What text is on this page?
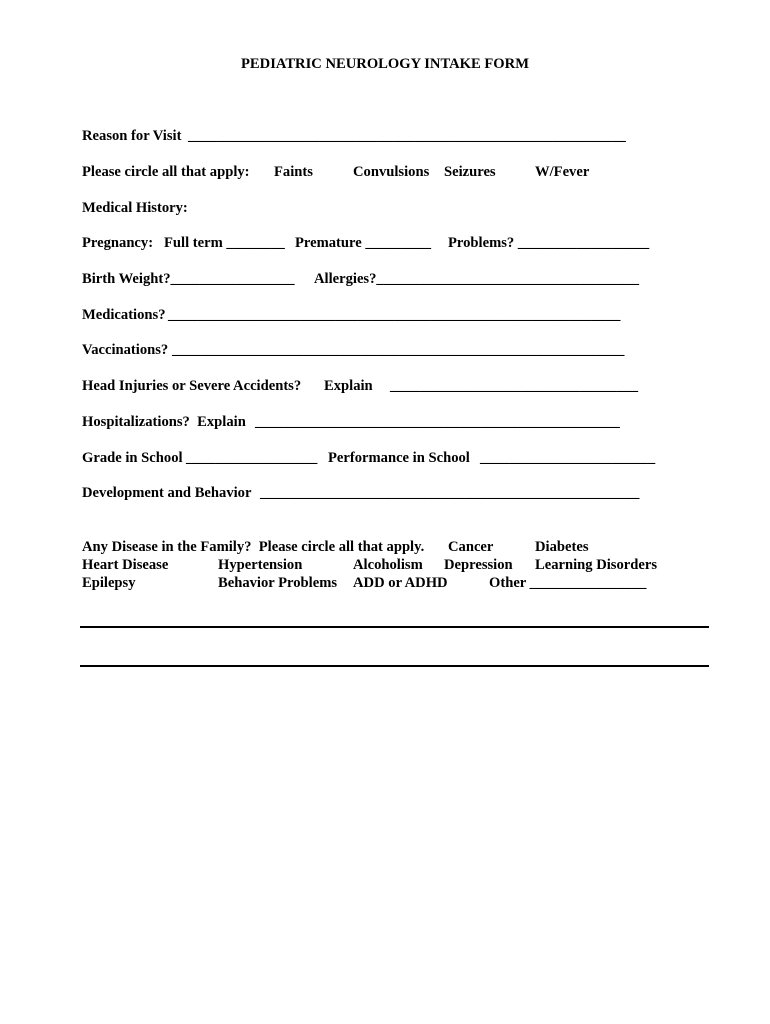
PEDIATRIC NEUROLOGY INTAKE FORM
Reason for Visit ____________________________________________________________
Please circle all that apply: Faints	Convulsions Seizures	W/Fever
Medical History:
Pregnancy: Full term ________ Premature _________ Problems? __________________
Birth Weight?_________________ Allergies?____________________________________
Medications? ______________________________________________________________
Vaccinations? ______________________________________________________________
Head Injuries or Severe Accidents? Explain __________________________________
Hospitalizations?  Explain __________________________________________________
Grade in School __________________ Performance in School ________________________
Development and Behavior ____________________________________________________
Any Disease in the Family?  Please circle all that apply. Cancer	Diabetes
Heart Disease	Hypertension	Alcoholism Depression Learning Disorders
Epilepsy	Behavior Problems ADD or ADHD	Other ________________
